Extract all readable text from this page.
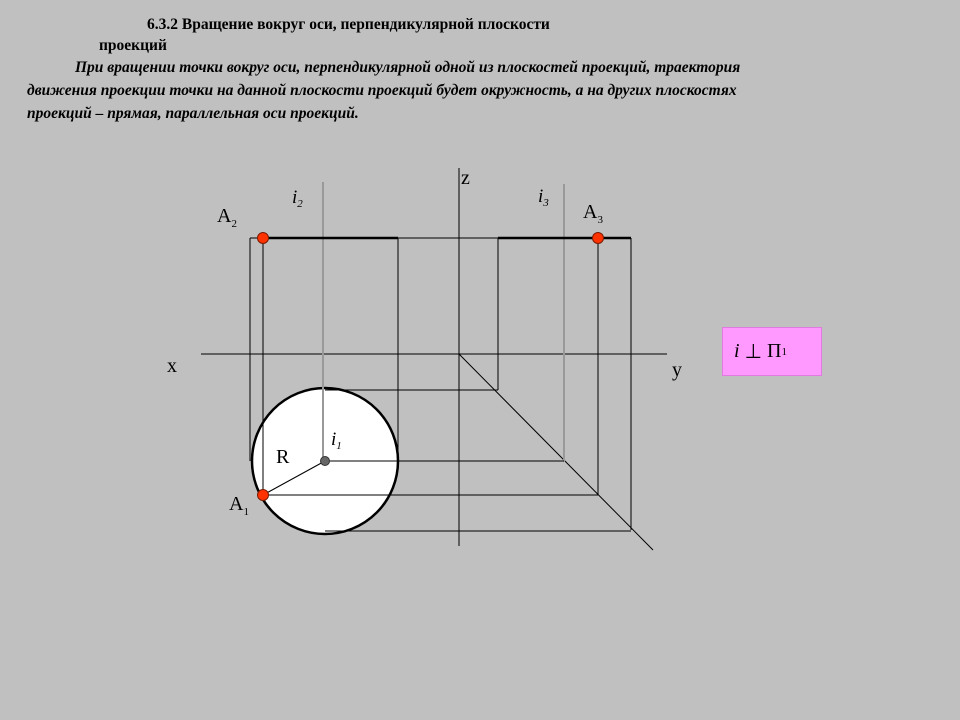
6.3.2 Вращение вокруг оси, перпендикулярной плоскости
проекций

При вращении точки вокруг оси, перпендикулярной одной из плоскостей проекций, траектория
движения проекции точки на данной плоскости проекций будет окружность, а на других плоскостях
проекций – прямая, параллельная оси проекций.

i
⊥
П 1
x	y
z
$i_2$	$i_3$
$i_1$
$A_2$
$A_3$
$A_1$
R
